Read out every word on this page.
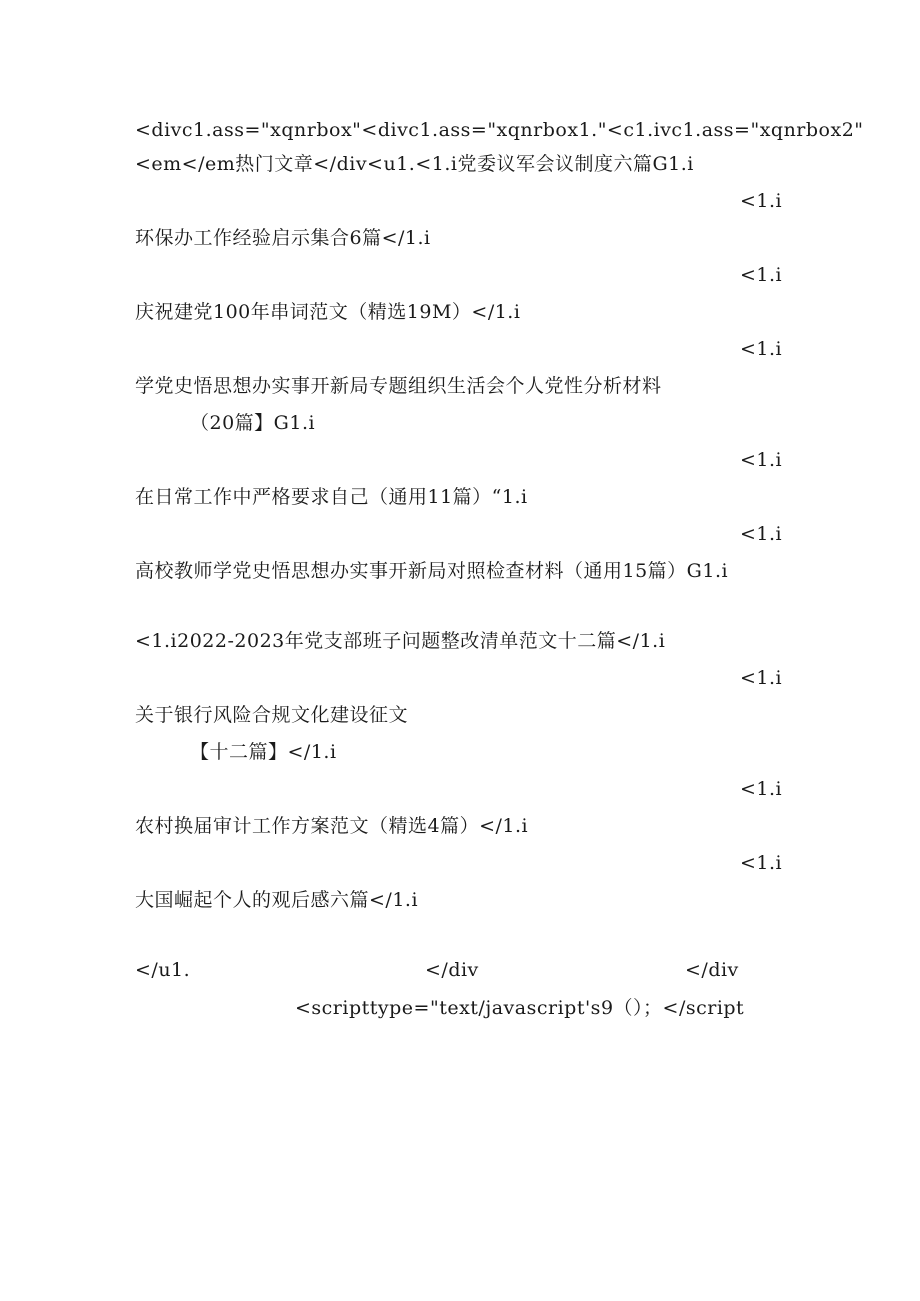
<divc1.ass="xqnrbox"<divc1.ass="xqnrbox1."<c1.ivc1.ass="xqnrbox2"
<em</em热门文章</div<u1.<1.i党委议军会议制度六篇G1.i
<1.i
环保办工作经验启示集合6篇</1.i
<1.i
庆祝建党100年串词范文（精选19M）</1.i
<1.i
学党史悟思想办实事开新局专题组织生活会个人党性分析材料
（20篇】G1.i
<1.i
在日常工作中严格要求自己（通用11篇）“1.i
<1.i
高校教师学党史悟思想办实事开新局对照检查材料（通用15篇）G1.i
<1.i2022-2023年党支部班子问题整改清单范文十二篇</1.i
<1.i
关于银行风险合规文化建设征文
【十二篇】</1.i
<1.i
农村换届审计工作方案范文（精选4篇）</1.i
<1.i
大国崛起个人的观后感六篇</1.i
</u1.	</div	</div
<scripttype="text/javascript's9（）；</script
